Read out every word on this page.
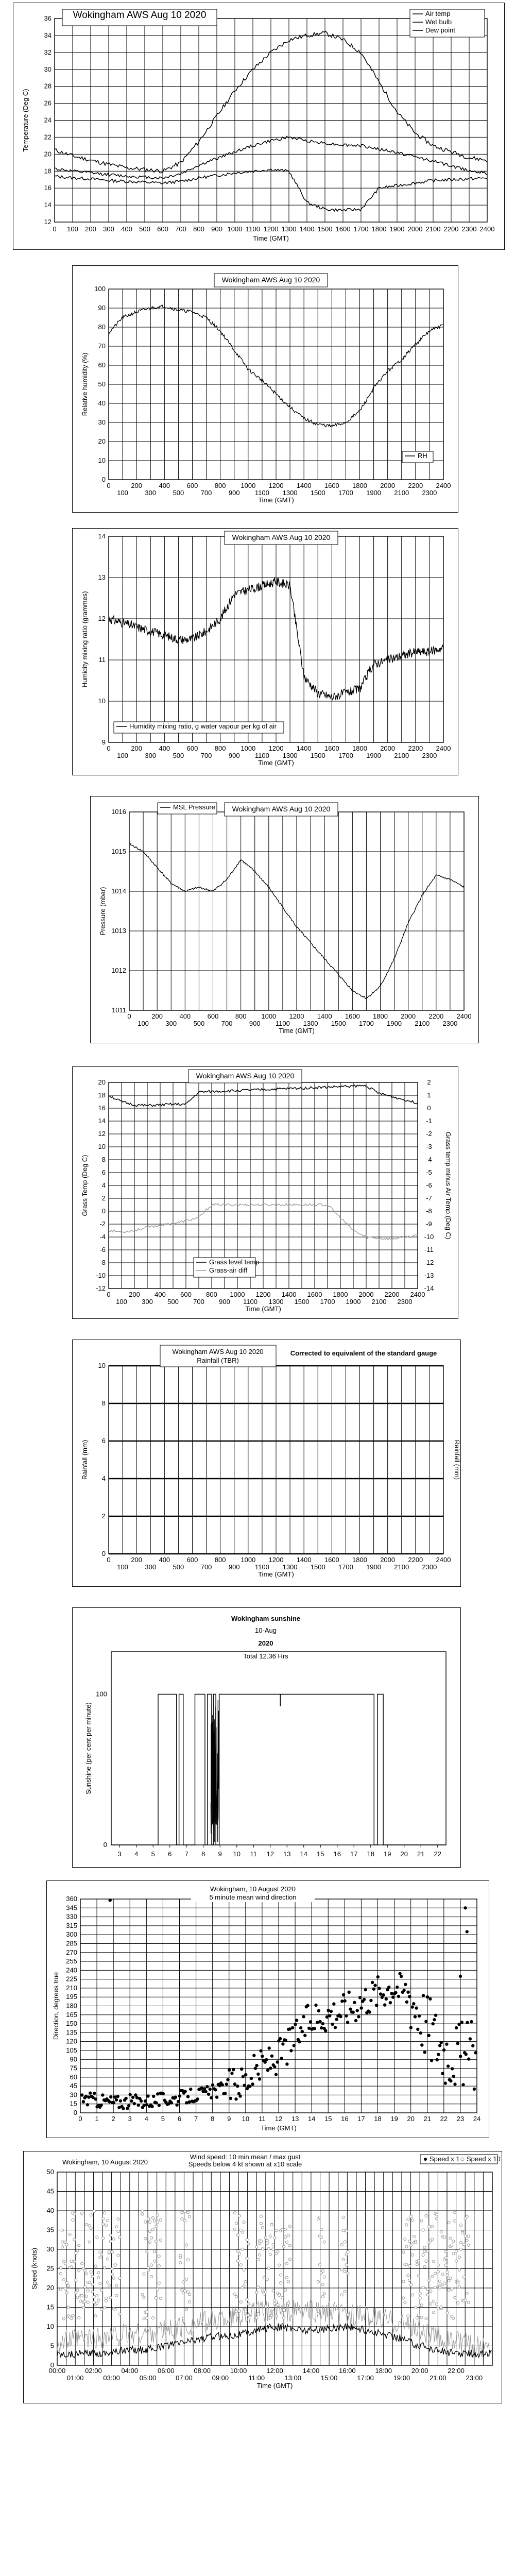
12
14
16
18
20
22
24
26
28
30
32
34
36
0 100 200 300 400 500 600 700 800 900 1000 1100 1200 1300 1400 1500 1600 1700 1800 1900 2000 2100 2200 2300 2400
Time (GMT)
Temperature (Deg C)
Wokingham AWS Aug 10 2020	Air temp
Wet bulb
Dew point
0
10
20
30
40
50
60
70
80
90
100
0	200 400 600 800 1000 1200 1400 1600 1800 2000 2200 2400
100 300 500 700 900 1100 1300 1500 1700 1900 2100 2300
Time (GMT)
Relative humidity (%)
Wokingham AWS Aug 10 2020
RH
9
10
11
12
13
14
0	200 400 600 800 1000 1200 1400 1600 1800 2000 2200 2400
100 300 500 700 900 1100 1300 1500 1700 1900 2100 2300
Time (GMT)
Humidity mixing ratio (grammes)
Wokingham AWS Aug 10 2020
Humidity mixing ratio, g water vapour per kg of air
1011
1012
1013
1014
1015
1016
0	200 400 600 800 1000 1200 1400 1600 1800 2000 2200 2400
100 300 500 700 900 1100 1300 1500 1700 1900 2100 2300
Time (GMT)
Pressure (mbar)
Wokingham AWS Aug 10 2020
MSL Pressure
-12
-10
-8
-6
-4
-2
0
2
4
6
8
10
12
14
16
18
20
0	200 400 600 800 1000 1200 1400 1600 1800 2000 2200 2400
100 300 500 700 900 1100 1300 1500 1700 1900 2100 2300
Time (GMT)
Grass Temp (Deg C)
-14
-13
-12
-11
-10
-9
-8
-7
-6
-5
-4
-3
-2
-1
0
1
2
Grass temp minus Air Temp (Deg C)
Wokingham AWS Aug 10 2020
Grass level temp
Grass-air diff
0
2
4
6
8
10
0	200 400 600 800 1000 1200 1400 1600 1800 2000 2200 2400
100 300 500 700 900 1100 1300 1500 1700 1900 2100 2300
Time (GMT)
Rainfall (mm)	Rainfall (mm)
Wokingham AWS Aug 10 2020
Rainfall (TBR)
Corrected to equivalent of the standard gauge
0
100
3 4 5 6 7 8 9 10 11 12 13 14 15 16 17 18 19 20 21 22
Sunshine (per cent per minute)
Wokingham sunshine
10-Aug
2020
Total 12.36 Hrs
0
15
30
45
60
75
90
105
120
135
150
165
180
195
210
225
240
255
270
285
300
315
330
345
360
0 1 2 3 4 5 6 7 8 9 10 11 12 13 14 15 16 17 18 19 20 21 22 23 24
Time (GMT)
Direction, degrees true
Wokingham, 10 August 2020
5 minute mean wind direction
0
5
10
15
20
25
30
35
40
45
50
00:00	02:00	04:00	06:00	08:00	10:00	12:00	14:00	16:00	18:00	20:00	22:00
01:00	03:00	05:00	07:00	09:00	11:00	13:00	15:00	17:00	19:00	21:00	23:00
Time (GMT)
Speed (knots)
Wokingham, 10 August 2020
Wind speed: 10 min mean / max gust
Speeds below 4 kt shown at x10 scale
Speed x 1 Speed x 10
